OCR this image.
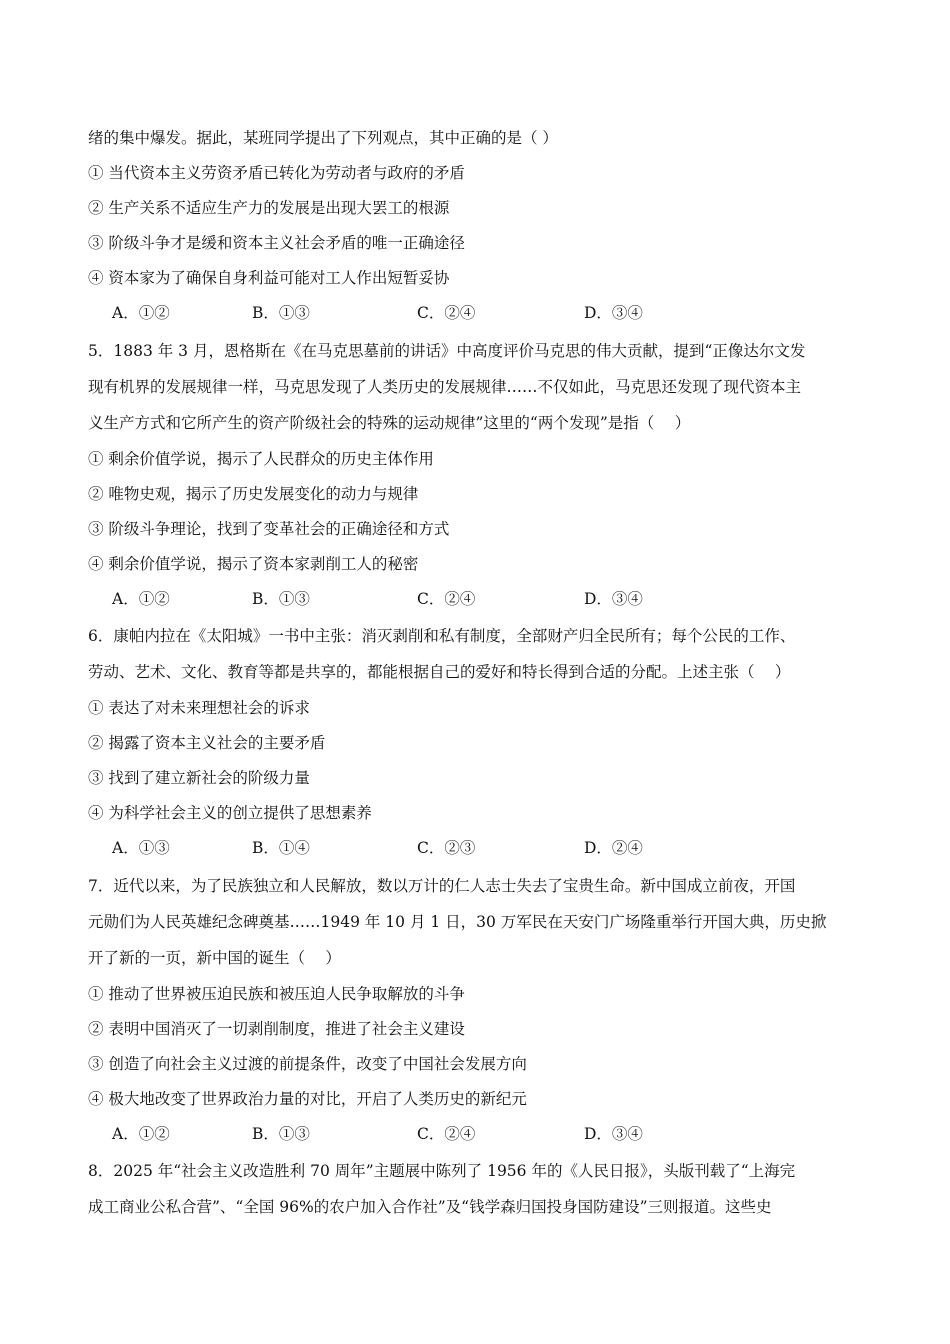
绪的集中爆发。据此，某班同学提出了下列观点，其中正确的是（ ）
① 当代资本主义劳资矛盾已转化为劳动者与政府的矛盾
② 生产关系不适应生产力的发展是出现大罢工的根源
③ 阶级斗争才是缓和资本主义社会矛盾的唯一正确途径
④ 资本家为了确保自身利益可能对工人作出短暂妥协
A．①②	B．①③	C．②④	D．③④
5．1883 年 3 月，恩格斯在《在马克思墓前的讲话》中高度评价马克思的伟大贡献，提到“正像达尔文发
现有机界的发展规律一样，马克思发现了人类历史的发展规律……不仅如此，马克思还发现了现代资本主
义生产方式和它所产生的资产阶级社会的特殊的运动规律”这里的“两个发现”是指（　 ）
① 剩余价值学说，揭示了人民群众的历史主体作用
② 唯物史观，揭示了历史发展变化的动力与规律
③ 阶级斗争理论，找到了变革社会的正确途径和方式
④ 剩余价值学说，揭示了资本家剥削工人的秘密
A．①②	B．①③	C．②④	D．③④
6．康帕内拉在《太阳城》一书中主张：消灭剥削和私有制度，全部财产归全民所有；每个公民的工作、
劳动、艺术、文化、教育等都是共享的，都能根据自己的爱好和特长得到合适的分配。上述主张（　 ）
① 表达了对未来理想社会的诉求
② 揭露了资本主义社会的主要矛盾
③ 找到了建立新社会的阶级力量
④ 为科学社会主义的创立提供了思想素养
A．①③	B．①④	C．②③	D．②④
7．近代以来，为了民族独立和人民解放，数以万计的仁人志士失去了宝贵生命。新中国成立前夜，开国
元勋们为人民英雄纪念碑奠基……1949 年 10 月 1 日，30 万军民在天安门广场隆重举行开国大典，历史掀
开了新的一页，新中国的诞生（　 ）
① 推动了世界被压迫民族和被压迫人民争取解放的斗争
② 表明中国消灭了一切剥削制度，推进了社会主义建设
③ 创造了向社会主义过渡的前提条件，改变了中国社会发展方向
④ 极大地改变了世界政治力量的对比，开启了人类历史的新纪元
A．①②	B．①③	C．②④	D．③④
8．2025 年“社会主义改造胜利 70 周年”主题展中陈列了 1956 年的《人民日报》，头版刊载了“上海完
成工商业公私合营”、“全国 96%的农户加入合作社”及“钱学森归国投身国防建设”三则报道。这些史
